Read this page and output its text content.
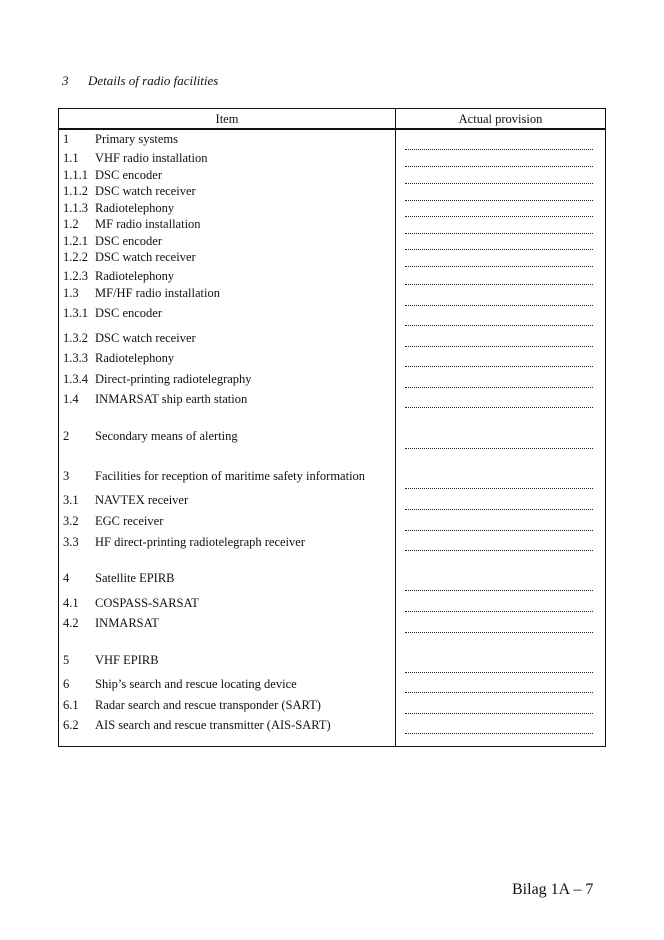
3 Details of radio facilities
Item	Actual provision
1 Primary systems
1.1 VHF radio installation
1.1.1 DSC encoder
1.1.2 DSC watch receiver
1.1.3 Radiotelephony
1.2 MF radio installation
1.2.1 DSC encoder
1.2.2 DSC watch receiver
1.2.3 Radiotelephony
1.3 MF/HF radio installation
1.3.1 DSC encoder
1.3.2 DSC watch receiver
1.3.3 Radiotelephony
1.3.4 Direct-printing radiotelegraphy
1.4 INMARSAT ship earth station
2 Secondary means of alerting
3 Facilities for reception of maritime safety information
3.1 NAVTEX receiver
3.2 EGC receiver
3.3 HF direct-printing radiotelegraph receiver
4 Satellite EPIRB
4.1 COSPASS-SARSAT
4.2 INMARSAT
5 VHF EPIRB
6 Ship’s search and rescue locating device
6.1 Radar search and rescue transponder (SART)
6.2 AIS search and rescue transmitter (AIS-SART)
Bilag 1A – 7
